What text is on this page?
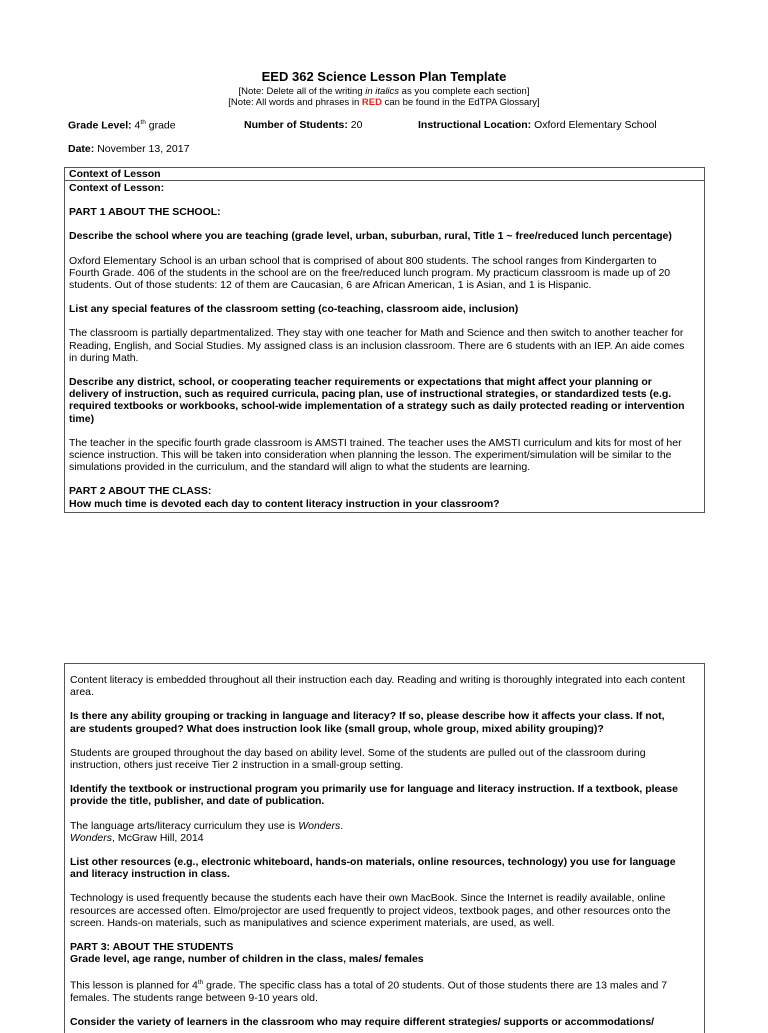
EED 362 Science Lesson Plan Template
[Note: Delete all of the writing in italics as you complete each section]
[Note: All words and phrases in RED can be found in the EdTPA Glossary]
Grade Level: 4th grade	Number of Students: 20	Instructional Location: Oxford Elementary School
Date: November 13, 2017
Context of Lesson

Context of Lesson:

PART 1 ABOUT THE SCHOOL:

Describe the school where you are teaching (grade level, urban, suburban, rural, Title 1 ~ free/reduced lunch percentage)

Oxford Elementary School is an urban school that is comprised of about 800 students. The school ranges from Kindergarten to

Fourth Grade. 406 of the students in the school are on the free/reduced lunch program. My practicum classroom is made up of 20

students. Out of those students: 12 of them are Caucasian, 6 are African American, 1 is Asian, and 1 is Hispanic.

List any special features of the classroom setting (co-teaching, classroom aide, inclusion)

The classroom is partially departmentalized. They stay with one teacher for Math and Science and then switch to another teacher for

Reading, English, and Social Studies. My assigned class is an inclusion classroom. There are 6 students with an IEP. An aide comes

in during Math.

Describe any district, school, or cooperating teacher requirements or expectations that might affect your planning or

delivery of instruction, such as required curricula, pacing plan, use of instructional strategies, or standardized tests (e.g.

required textbooks or workbooks, school-wide implementation of a strategy such as daily protected reading or intervention

time)

The teacher in the specific fourth grade classroom is AMSTI trained. The teacher uses the AMSTI curriculum and kits for most of her

science instruction. This will be taken into consideration when planning the lesson. The experiment/simulation will be similar to the

simulations provided in the curriculum, and the standard will align to what the students are learning.

PART 2 ABOUT THE CLASS:

How much time is devoted each day to content literacy instruction in your classroom?

Content literacy is embedded throughout all their instruction each day. Reading and writing is thoroughly integrated into each content

area.

Is there any ability grouping or tracking in language and literacy? If so, please describe how it affects your class. If not,

are students grouped? What does instruction look like (small group, whole group, mixed ability grouping)?

Students are grouped throughout the day based on ability level. Some of the students are pulled out of the classroom during

instruction, others just receive Tier 2 instruction in a small-group setting.

Identify the textbook or instructional program you primarily use for language and literacy instruction. If a textbook, please

provide the title, publisher, and date of publication.

The language arts/literacy curriculum they use is Wonders.

Wonders, McGraw Hill, 2014

List other resources (e.g., electronic whiteboard, hands-on materials, online resources, technology) you use for language

and literacy instruction in class.

Technology is used frequently because the students each have their own MacBook. Since the Internet is readily available, online

resources are accessed often. Elmo/projector are used frequently to project videos, textbook pages, and other resources onto the

screen. Hands-on materials, such as manipulatives and science experiment materials, are used, as well.

PART 3: ABOUT THE STUDENTS

Grade level, age range, number of children in the class, males/ females

This lesson is planned for 4th grade. The specific class has a total of 20 students. Out of those students there are 13 males and 7

females. The students range between 9-10 years old.

Consider the variety of learners in the classroom who may require different strategies/ supports or accommodations/
